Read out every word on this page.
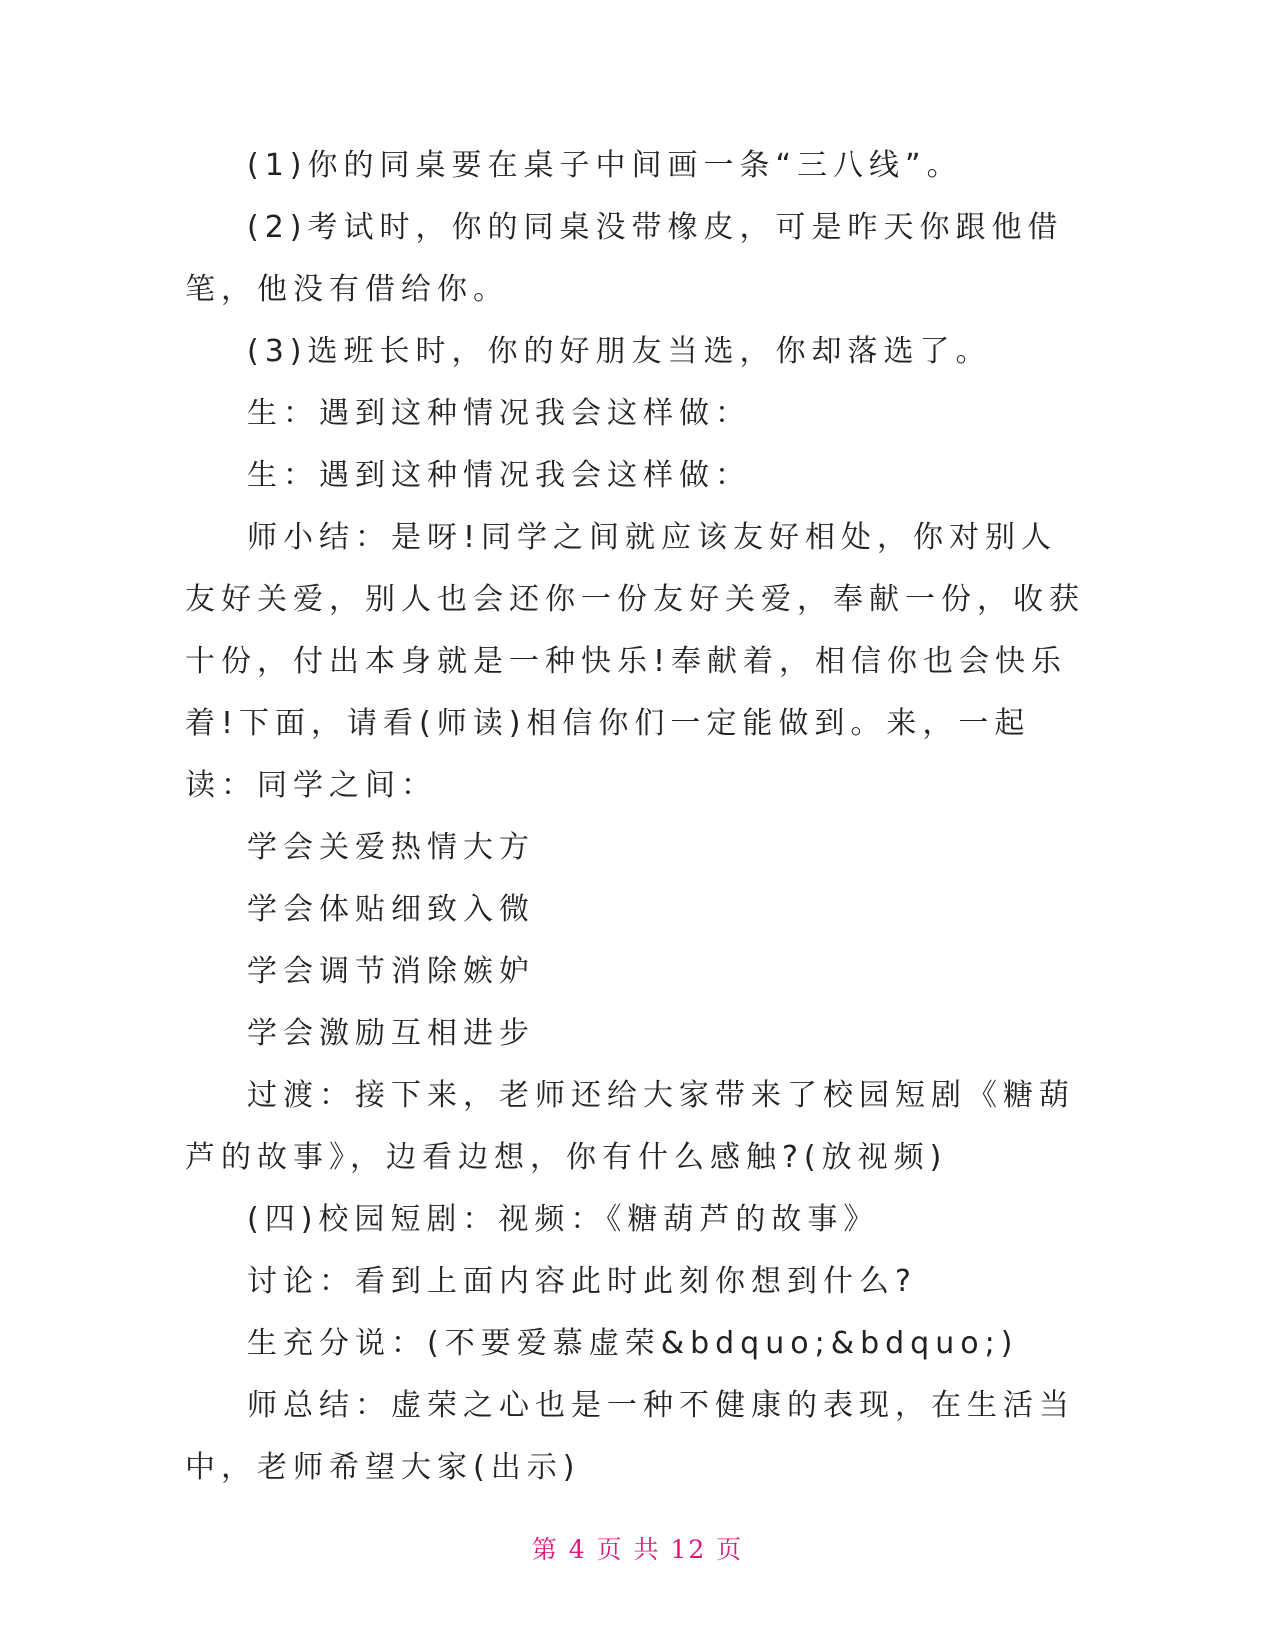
(1)你的同桌要在桌子中间画一条“三八线”。

(2)考试时，你的同桌没带橡皮，可是昨天你跟他借笔，他没有借给你。

(3)选班长时，你的好朋友当选，你却落选了。

生：遇到这种情况我会这样做：

生：遇到这种情况我会这样做：

师小结：是呀!同学之间就应该友好相处，你对别人友好关爱，别人也会还你一份友好关爱，奉献一份，收获十份，付出本身就是一种快乐!奉献着，相信你也会快乐着!下面，请看(师读)相信你们一定能做到。来，一起读：同学之间：

学会关爱热情大方

学会体贴细致入微

学会调节消除嫉妒

学会激励互相进步

过渡：接下来，老师还给大家带来了校园短剧《糖葫芦的故事》，边看边想，你有什么感触?(放视频)

(四)校园短剧：视频：《糖葫芦的故事》

讨论：看到上面内容此时此刻你想到什么?

生充分说：(不要爱慕虚荣&bdquo;&bdquo;)

师总结：虚荣之心也是一种不健康的表现，在生活当中，老师希望大家(出示)

第 4 页 共 12 页
